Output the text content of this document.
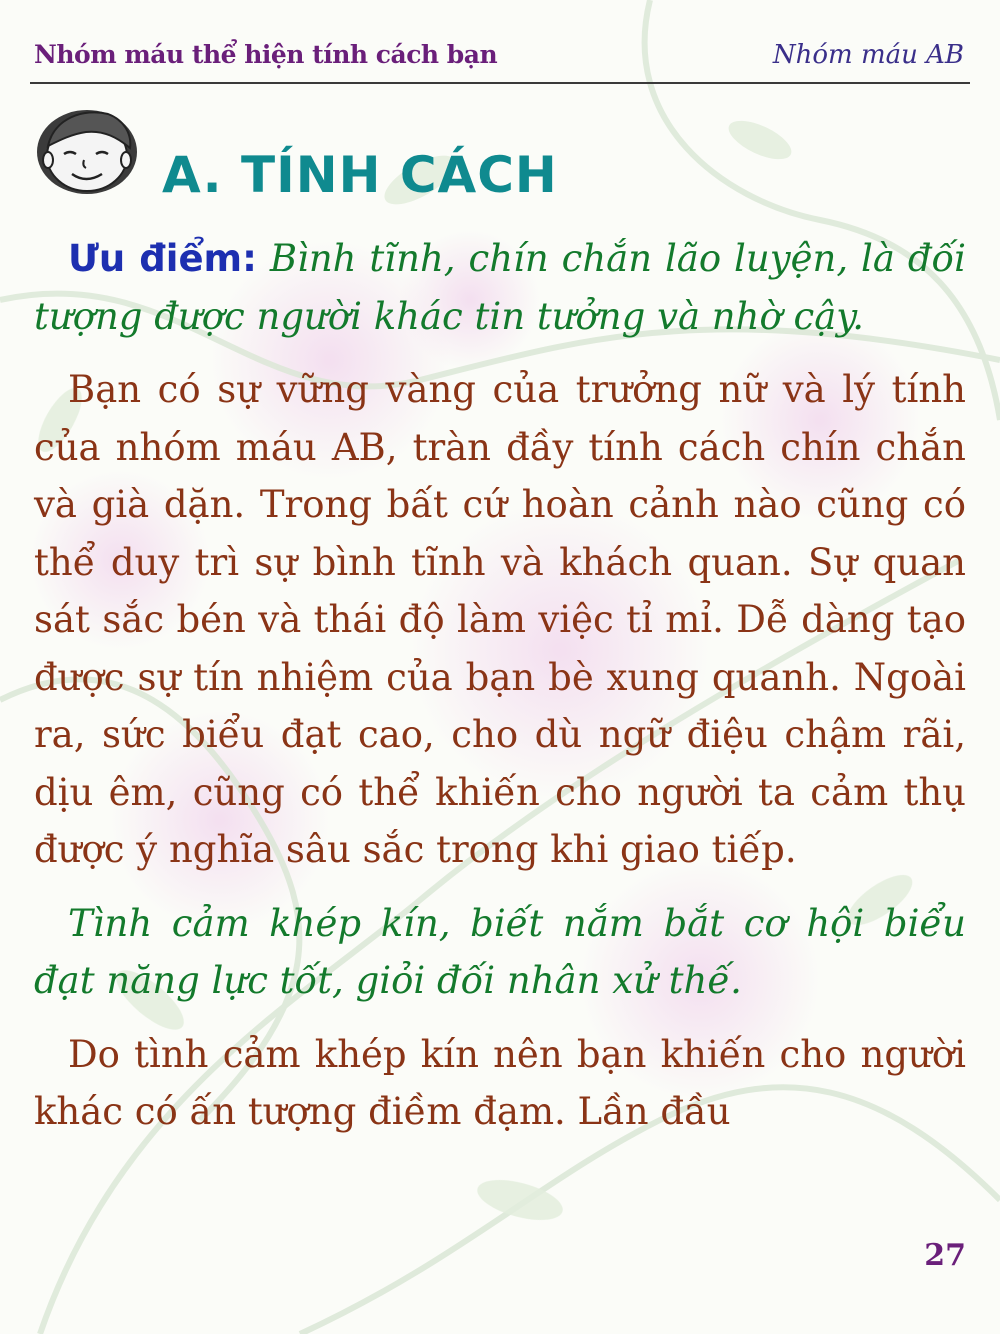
Nhóm máu thể hiện tính cách bạn	Nhóm máu AB
A. TÍNH CÁCH

Ưu điểm: Bình tĩnh, chín chắn lão luyện, là đối tượng được người khác tin tưởng và nhờ cậy.

Bạn có sự vững vàng của trưởng nữ và lý tính của nhóm máu AB, tràn đầy tính cách chín chắn và già dặn. Trong bất cứ hoàn cảnh nào cũng có thể duy trì sự bình tĩnh và khách quan. Sự quan sát sắc bén và thái độ làm việc tỉ mỉ. Dễ dàng tạo được sự tín nhiệm của bạn bè xung quanh. Ngoài ra, sức biểu đạt cao, cho dù ngữ điệu chậm rãi, dịu êm, cũng có thể khiến cho người ta cảm thụ được ý nghĩa sâu sắc trong khi giao tiếp.

Tình cảm khép kín, biết nắm bắt cơ hội biểu đạt năng lực tốt, giỏi đối nhân xử thế.

Do tình cảm khép kín nên bạn khiến cho người khác có ấn tượng điềm đạm. Lần đầu

27
